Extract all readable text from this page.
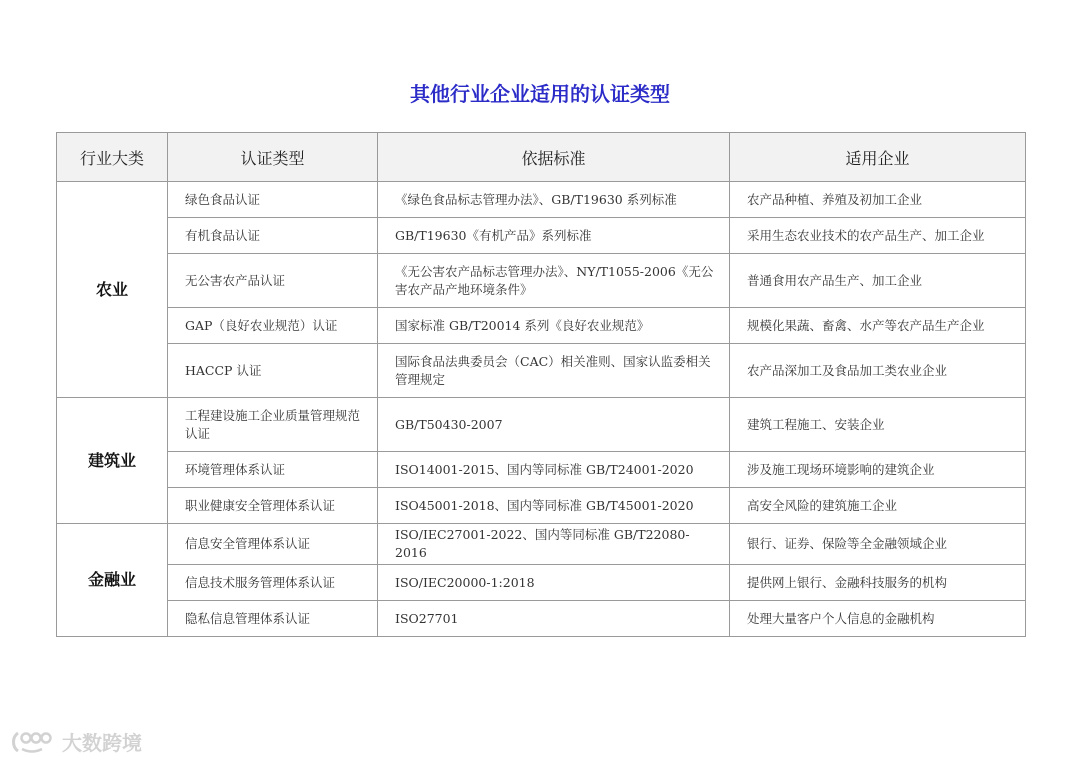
其他行业企业适用的认证类型
行业大类	认证类型	依据标准	适用企业
农业	绿色食品认证	《绿色食品标志管理办法》、GB/T19630 系列标准	农产品种植、养殖及初加工企业
	有机食品认证	GB/T19630《有机产品》系列标准	采用生态农业技术的农产品生产、加工企业
	无公害农产品认证	《无公害农产品标志管理办法》、NY/T1055-2006《无公害农产品产地环境条件》	普通食用农产品生产、加工企业
	GAP（良好农业规范）认证	国家标准 GB/T20014 系列《良好农业规范》	规模化果蔬、畜禽、水产等农产品生产企业
	HACCP 认证	国际食品法典委员会（CAC）相关准则、国家认监委相关管理规定	农产品深加工及食品加工类农业企业
建筑业	工程建设施工企业质量管理规范认证	GB/T50430-2007	建筑工程施工、安装企业
	环境管理体系认证	ISO14001-2015、国内等同标准 GB/T24001-2020	涉及施工现场环境影响的建筑企业
	职业健康安全管理体系认证	ISO45001-2018、国内等同标准 GB/T45001-2020	高安全风险的建筑施工企业
金融业	信息安全管理体系认证	ISO/IEC27001-2022、国内等同标准 GB/T22080-2016	银行、证券、保险等全金融领域企业
	信息技术服务管理体系认证	ISO/IEC20000-1:2018	提供网上银行、金融科技服务的机构
	隐私信息管理体系认证	ISO27701	处理大量客户个人信息的金融机构
大数跨境
